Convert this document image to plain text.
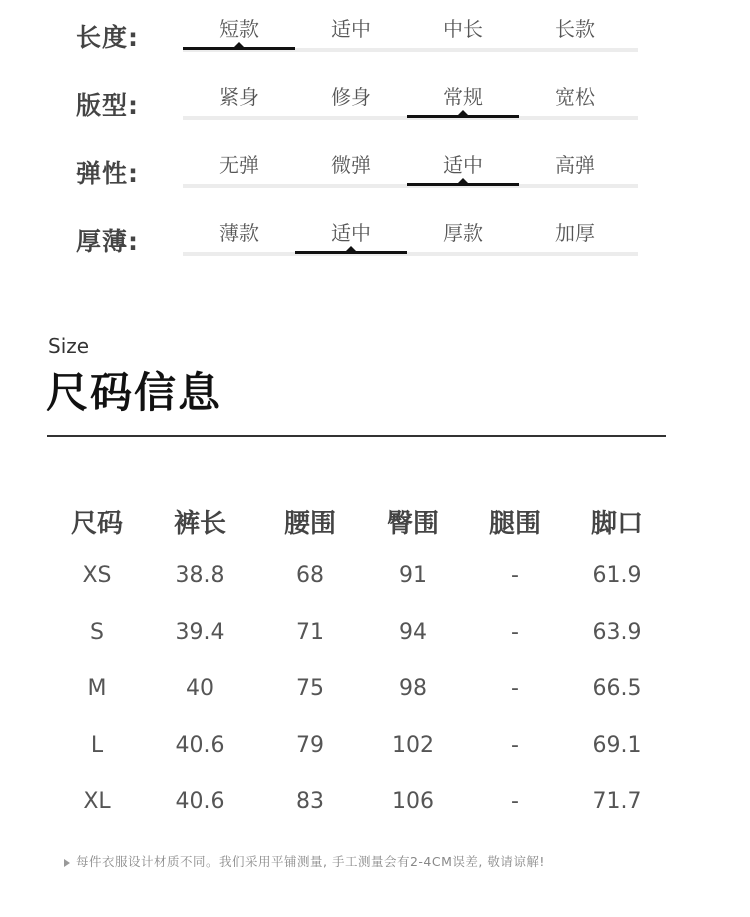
长度:	短款	适中	中长	长款
版型:	紧身	修身	常规	宽松
弹性:	无弹	微弹	适中	高弹
厚薄:	薄款	适中	厚款	加厚
Size
尺码信息
尺码	裤长	腰围	臀围	腿围	脚口
XS	38.8	68	91	-	61.9
S	39.4	71	94	-	63.9
M	40	75	98	-	66.5
L	40.6	79	102	-	69.1
XL	40.6	83	106	-	71.7
每件衣服设计材质不同。我们采用平铺测量, 手工测量会有2-4CM误差, 敬请谅解!
